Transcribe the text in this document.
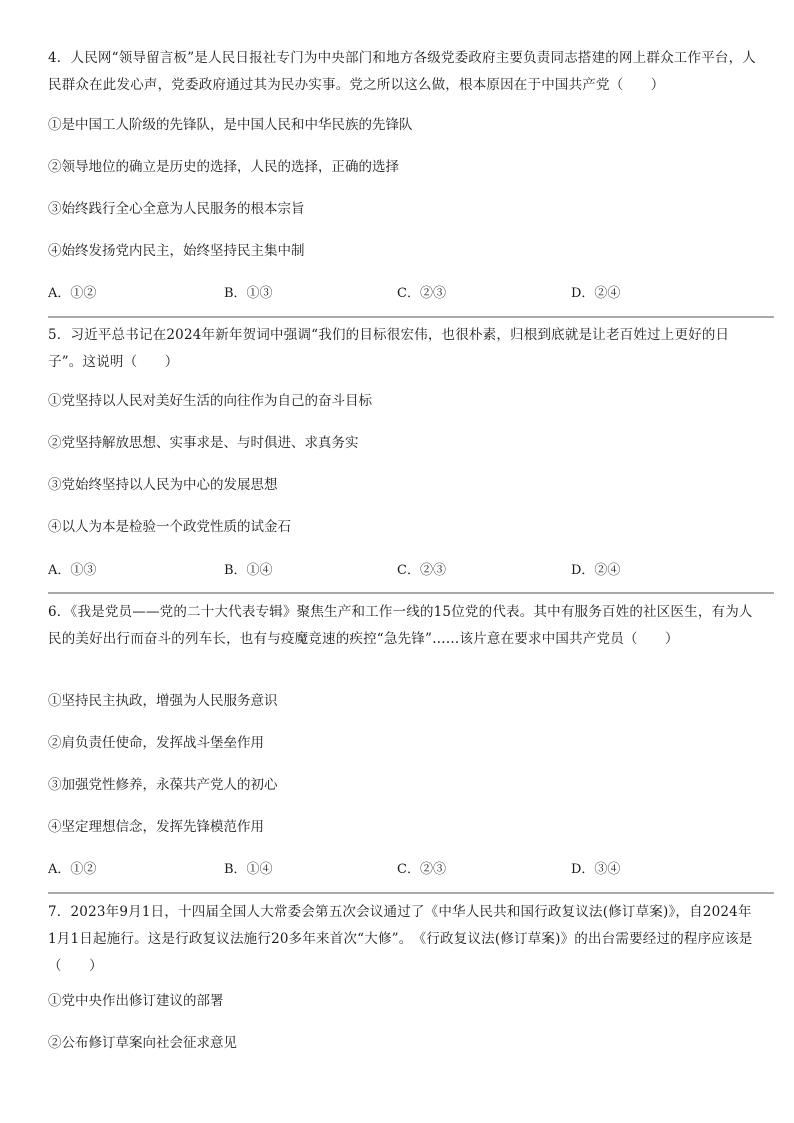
4．人民网“领导留言板”是人民日报社专门为中央部门和地方各级党委政府主要负责同志搭建的网上群众工作平台，人民群众在此发心声，党委政府通过其为民办实事。党之所以这么做，根本原因在于中国共产党（　　）

①是中国工人阶级的先锋队，是中国人民和中华民族的先锋队

②领导地位的确立是历史的选择，人民的选择，正确的选择

③始终践行全心全意为人民服务的根本宗旨

④始终发扬党内民主，始终坚持民主集中制

A．①②	B．①③	C．②③	D．②④

5．习近平总书记在2024年新年贺词中强调“我们的目标很宏伟，也很朴素，归根到底就是让老百姓过上更好的日子”。这说明（　　）

①党坚持以人民对美好生活的向往作为自己的奋斗目标

②党坚持解放思想、实事求是、与时俱进、求真务实

③党始终坚持以人民为中心的发展思想

④以人为本是检验一个政党性质的试金石

A．①③	B．①④	C．②③	D．②④

6．《我是党员——党的二十大代表专辑》聚焦生产和工作一线的15位党的代表。其中有服务百姓的社区医生，有为人民的美好出行而奋斗的列车长，也有与疫魔竞速的疾控“急先锋”……该片意在要求中国共产党员（　　）

①坚持民主执政，增强为人民服务意识

②肩负责任使命，发挥战斗堡垒作用

③加强党性修养，永葆共产党人的初心

④坚定理想信念，发挥先锋模范作用

A．①②	B．①④	C．②③	D．③④

7．2023年9月1日，十四届全国人大常委会第五次会议通过了《中华人民共和国行政复议法(修订草案)》，自2024年1月1日起施行。这是行政复议法施行20多年来首次“大修”。　《行政复议法(修订草案)》的出台需要经过的程序应该是（　　）

①党中央作出修订建议的部署

②公布修订草案向社会征求意见
